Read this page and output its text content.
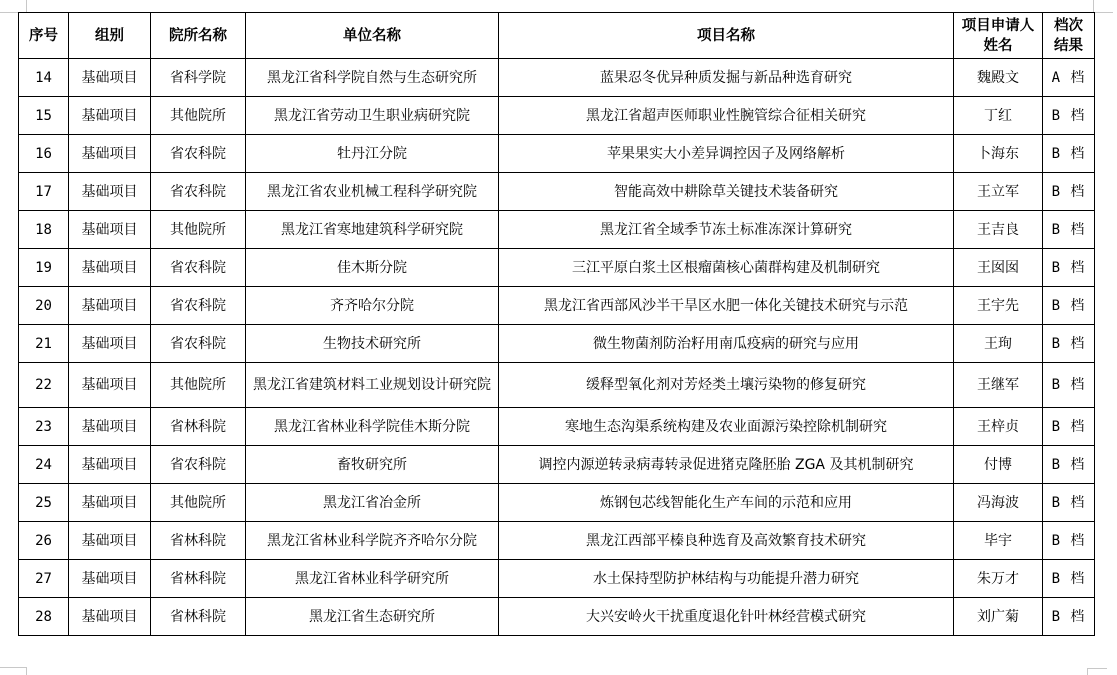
序号	组别	院所名称	单位名称	项目名称	项目申请人姓名	档次结果
14	基础项目	省科学院	黑龙江省科学院自然与生态研究所	蓝果忍冬优异种质发掘与新品种选育研究	魏殿文	A 档
15	基础项目	其他院所	黑龙江省劳动卫生职业病研究院	黑龙江省超声医师职业性腕管综合征相关研究	丁红	B 档
16	基础项目	省农科院	牡丹江分院	苹果果实大小差异调控因子及网络解析	卜海东	B 档
17	基础项目	省农科院	黑龙江省农业机械工程科学研究院	智能高效中耕除草关键技术装备研究	王立军	B 档
18	基础项目	其他院所	黑龙江省寒地建筑科学研究院	黑龙江省全域季节冻土标准冻深计算研究	王吉良	B 档
19	基础项目	省农科院	佳木斯分院	三江平原白浆土区根瘤菌核心菌群构建及机制研究	王囡囡	B 档
20	基础项目	省农科院	齐齐哈尔分院	黑龙江省西部风沙半干旱区水肥一体化关键技术研究与示范	王宇先	B 档
21	基础项目	省农科院	生物技术研究所	微生物菌剂防治籽用南瓜疫病的研究与应用	王珣	B 档
22	基础项目	其他院所	黑龙江省建筑材料工业规划设计研究院	缓释型氧化剂对芳烃类土壤污染物的修复研究	王继军	B 档
23	基础项目	省林科院	黑龙江省林业科学院佳木斯分院	寒地生态沟渠系统构建及农业面源污染控除机制研究	王梓贞	B 档
24	基础项目	省农科院	畜牧研究所	调控内源逆转录病毒转录促进猪克隆胚胎 ZGA 及其机制研究	付博	B 档
25	基础项目	其他院所	黑龙江省冶金所	炼钢包芯线智能化生产车间的示范和应用	冯海波	B 档
26	基础项目	省林科院	黑龙江省林业科学院齐齐哈尔分院	黑龙江西部平榛良种选育及高效繁育技术研究	毕宇	B 档
27	基础项目	省林科院	黑龙江省林业科学研究所	水土保持型防护林结构与功能提升潜力研究	朱万才	B 档
28	基础项目	省林科院	黑龙江省生态研究所	大兴安岭火干扰重度退化针叶林经营模式研究	刘广菊	B 档
